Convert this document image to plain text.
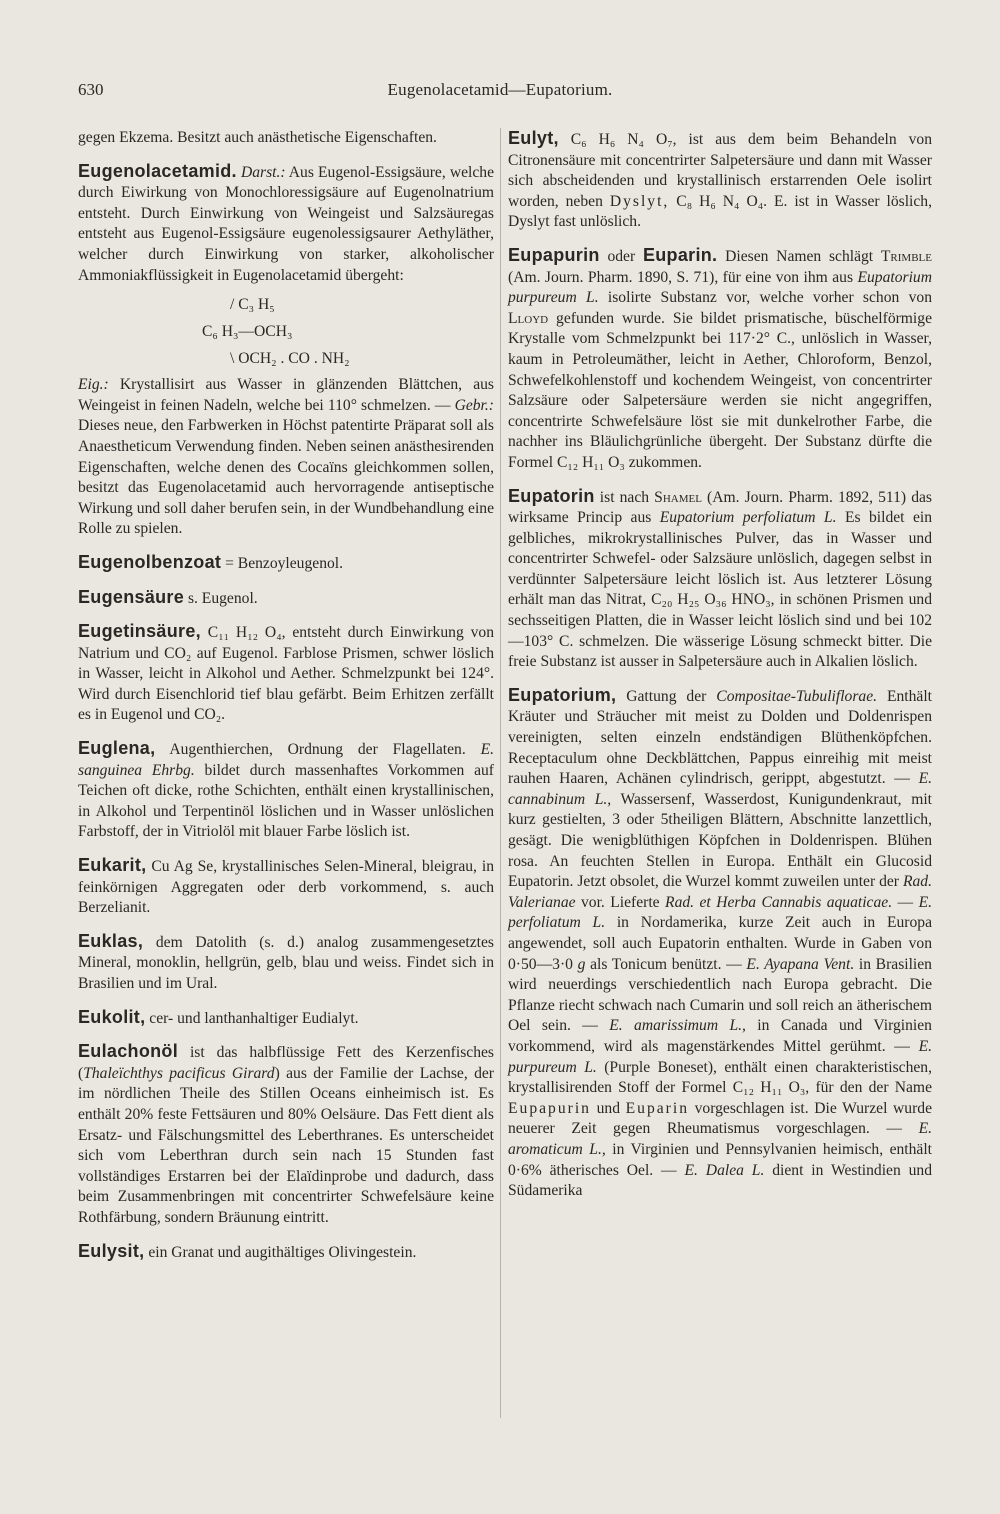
630	Eugenolacetamid—Eupatorium.

gegen Ekzema. Besitzt auch anästhetische Eigenschaften.

Eugenolacetamid. Darst.: Aus Eugenol-Essigsäure, welche durch Eiwirkung von Monochloressigsäure auf Eugenolnatrium entsteht. Durch Einwirkung von Weingeist und Salzsäuregas entsteht aus Eugenol-Essigsäure eugenolessigsaurer Aethyläther, welcher durch Einwirkung von starker, alkoholischer Ammoniakflüssigkeit in Eugenolacetamid übergeht:

/ C₃ H₅
C₆ H₃—OCH₃
\ OCH₂ . CO . NH₂

Eig.: Krystallisirt aus Wasser in glänzenden Blättchen, aus Weingeist in feinen Nadeln, welche bei 110° schmelzen. — Gebr.: Dieses neue, den Farbwerken in Höchst patentirte Präparat soll als Anaestheticum Verwendung finden. Neben seinen anästhesirenden Eigenschaften, welche denen des Cocaïns gleichkommen sollen, besitzt das Eugenolacetamid auch hervorragende antiseptische Wirkung und soll daher berufen sein, in der Wundbehandlung eine Rolle zu spielen.

Eugenolbenzoat = Benzoyleugenol.

Eugensäure s. Eugenol.

Eugetinsäure, C₁₁ H₁₂ O₄, entsteht durch Einwirkung von Natrium und CO₂ auf Eugenol. Farblose Prismen, schwer löslich in Wasser, leicht in Alkohol und Aether. Schmelzpunkt bei 124°. Wird durch Eisenchlorid tief blau gefärbt. Beim Erhitzen zerfällt es in Eugenol und CO₂.

Euglena, Augenthierchen, Ordnung der Flagellaten. E. sanguinea Ehrbg. bildet durch massenhaftes Vorkommen auf Teichen oft dicke, rothe Schichten, enthält einen krystallinischen, in Alkohol und Terpentinöl löslichen und in Wasser unlöslichen Farbstoff, der in Vitriolöl mit blauer Farbe löslich ist.

Eukarit, Cu Ag Se, krystallinisches Selen-Mineral, bleigrau, in feinkörnigen Aggregaten oder derb vorkommend, s. auch Berzelianit.

Euklas, dem Datolith (s. d.) analog zusammengesetztes Mineral, monoklin, hellgrün, gelb, blau und weiss. Findet sich in Brasilien und im Ural.

Eukolit, cer- und lanthanhaltiger Eudialyt.

Eulachonöl ist das halbflüssige Fett des Kerzenfisches (Thaleïchthys pacificus Girard) aus der Familie der Lachse, der im nördlichen Theile des Stillen Oceans einheimisch ist. Es enthält 20% feste Fettsäuren und 80% Oelsäure. Das Fett dient als Ersatz- und Fälschungsmittel des Leberthranes. Es unterscheidet sich vom Leberthran durch sein nach 15 Stunden fast vollständiges Erstarren bei der Elaïdinprobe und dadurch, dass beim Zusammenbringen mit concentrirter Schwefelsäure keine Rothfärbung, sondern Bräunung eintritt.

Eulysit, ein Granat und augithältiges Olivingestein.

Eulyt, C₆ H₆ N₄ O₇, ist aus dem beim Behandeln von Citronensäure mit concentrirter Salpetersäure und dann mit Wasser sich abscheidenden und krystallinisch erstarrenden Oele isolirt worden, neben Dyslyt, C₈ H₆ N₄ O₄. E. ist in Wasser löslich, Dyslyt fast unlöslich.

Eupapurin oder Euparin. Diesen Namen schlägt Trimble (Am. Journ. Pharm. 1890, S. 71), für eine von ihm aus Eupatorium purpureum L. isolirte Substanz vor, welche vorher schon von Lloyd gefunden wurde. Sie bildet prismatische, büschelförmige Krystalle vom Schmelzpunkt bei 117·2° C., unlöslich in Wasser, kaum in Petroleumäther, leicht in Aether, Chloroform, Benzol, Schwefelkohlenstoff und kochendem Weingeist, von concentrirter Salzsäure oder Salpetersäure werden sie nicht angegriffen, concentrirte Schwefelsäure löst sie mit dunkelrother Farbe, die nachher ins Bläulichgrünliche übergeht. Der Substanz dürfte die Formel C₁₂ H₁₁ O₃ zukommen.

Eupatorin ist nach Shamel (Am. Journ. Pharm. 1892, 511) das wirksame Princip aus Eupatorium perfoliatum L. Es bildet ein gelbliches, mikrokrystallinisches Pulver, das in Wasser und concentrirter Schwefel- oder Salzsäure unlöslich, dagegen selbst in verdünnter Salpetersäure leicht löslich ist. Aus letzterer Lösung erhält man das Nitrat, C₂₀ H₂₅ O₃₆ HNO₃, in schönen Prismen und sechsseitigen Platten, die in Wasser leicht löslich sind und bei 102—103° C. schmelzen. Die wässerige Lösung schmeckt bitter. Die freie Substanz ist ausser in Salpetersäure auch in Alkalien löslich.

Eupatorium, Gattung der Compositae-Tubuliflorae. Enthält Kräuter und Sträucher mit meist zu Dolden und Doldenrispen vereinigten, selten einzeln endständigen Blüthenköpfchen. Receptaculum ohne Deckblättchen, Pappus einreihig mit meist rauhen Haaren, Achänen cylindrisch, gerippt, abgestutzt. — E. cannabinum L., Wassersenf, Wasserdost, Kunigundenkraut, mit kurz gestielten, 3 oder 5theiligen Blättern, Abschnitte lanzettlich, gesägt. Die wenigblüthigen Köpfchen in Doldenrispen. Blühen rosa. An feuchten Stellen in Europa. Enthält ein Glucosid Eupatorin. Jetzt obsolet, die Wurzel kommt zuweilen unter der Rad. Valerianae vor. Lieferte Rad. et Herba Cannabis aquaticae. — E. perfoliatum L. in Nordamerika, kurze Zeit auch in Europa angewendet, soll auch Eupatorin enthalten. Wurde in Gaben von 0·50—3·0 g als Tonicum benützt. — E. Ayapana Vent. in Brasilien wird neuerdings verschiedentlich nach Europa gebracht. Die Pflanze riecht schwach nach Cumarin und soll reich an ätherischem Oel sein. — E. amarissimum L., in Canada und Virginien vorkommend, wird als magenstärkendes Mittel gerühmt. — E. purpureum L. (Purple Boneset), enthält einen charakteristischen, krystallisirenden Stoff der Formel C₁₂ H₁₁ O₃, für den der Name Eupapurin und Euparin vorgeschlagen ist. Die Wurzel wurde neuerer Zeit gegen Rheumatismus vorgeschlagen. — E. aromaticum L., in Virginien und Pennsylvanien heimisch, enthält 0·6% ätherisches Oel. — E. Dalea L. dient in Westindien und Südamerika
